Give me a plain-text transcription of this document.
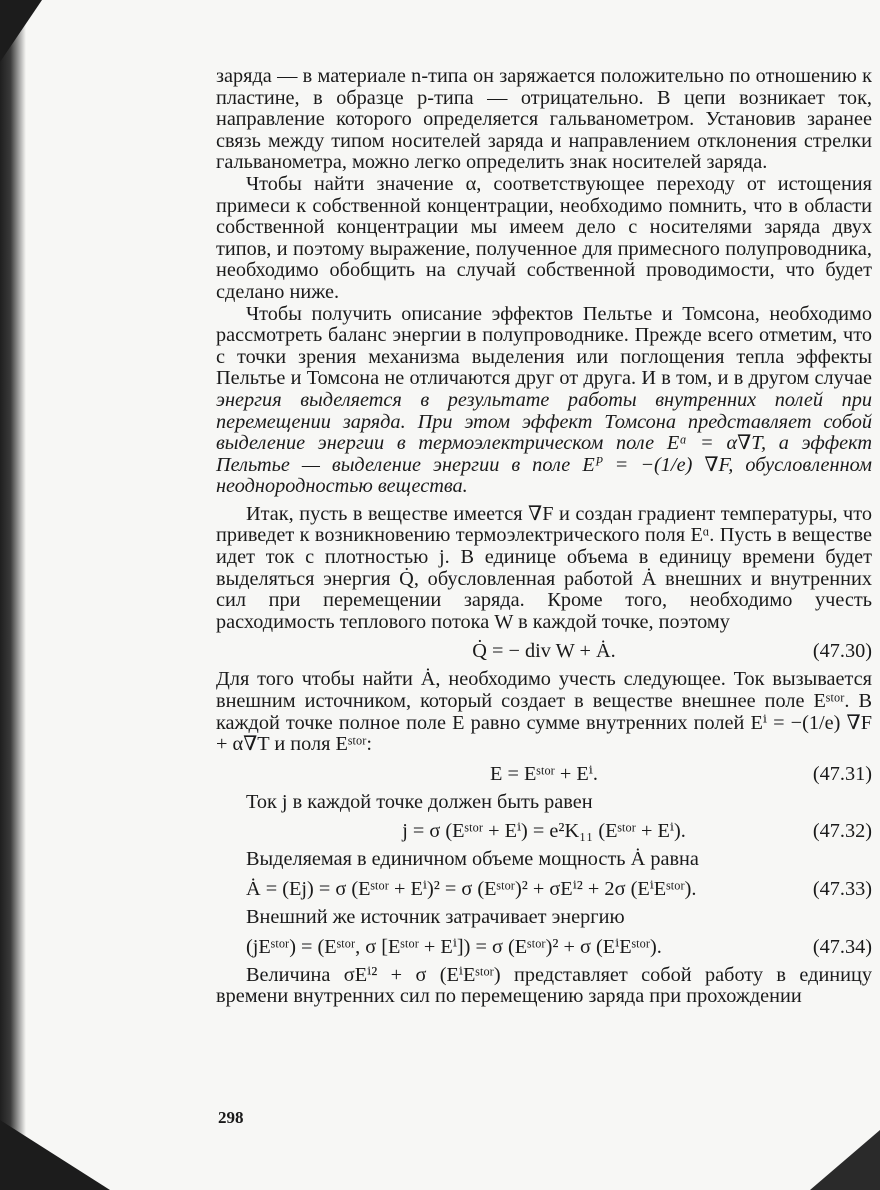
заряда — в материале n-типа он заряжается положительно по отношению к пластине, в образце p-типа — отрицательно. В цепи возникает ток, направление которого определяется гальванометром. Установив заранее связь между типом носителей заряда и направлением отклонения стрелки гальванометра, можно легко определить знак носителей заряда.

Чтобы найти значение α, соответствующее переходу от истощения примеси к собственной концентрации, необходимо помнить, что в области собственной концентрации мы имеем дело с носителями заряда двух типов, и поэтому выражение, полученное для примесного полупроводника, необходимо обобщить на случай собственной проводимости, что будет сделано ниже.

Чтобы получить описание эффектов Пельтье и Томсона, необходимо рассмотреть баланс энергии в полупроводнике. Прежде всего отметим, что с точки зрения механизма выделения или поглощения тепла эффекты Пельтье и Томсона не отличаются друг от друга. И в том, и в другом случае энергия выделяется в результате работы внутренних полей при перемещении заряда. При этом эффект Томсона представляет собой выделение энергии в термоэлектрическом поле Eᵅ = α∇T, а эффект Пельтье — выделение энергии в поле Eᴾ = −(1/e) ∇F, обусловленном неоднородностью вещества.

Итак, пусть в веществе имеется ∇F и создан градиент температуры, что приведет к возникновению термоэлектрического поля Eᵅ. Пусть в веществе идет ток с плотностью j. В единице объема в единицу времени будет выделяться энергия Q̇, обусловленная работой Ȧ внешних и внутренних сил при перемещении заряда. Кроме того, необходимо учесть расходимость теплового потока W в каждой точке, поэтому

Q̇ = − div W + Ȧ.	(47.30)

Для того чтобы найти Ȧ, необходимо учесть следующее. Ток вызывается внешним источником, который создает в веществе внешнее поле Eˢᵗᵒʳ. В каждой точке полное поле E равно сумме внутренних полей Eⁱ = −(1/e) ∇F + α∇T и поля Eˢᵗᵒʳ:

E = Eˢᵗᵒʳ + Eⁱ.	(47.31)

Ток j в каждой точке должен быть равен

j = σ (Eˢᵗᵒʳ + Eⁱ) = e²K₁₁ (Eˢᵗᵒʳ + Eⁱ).	(47.32)

Выделяемая в единичном объеме мощность Ȧ равна

Ȧ = (Ej) = σ (Eˢᵗᵒʳ + Eⁱ)² = σ (Eˢᵗᵒʳ)² + σEⁱ² + 2σ (EⁱEˢᵗᵒʳ).	(47.33)

Внешний же источник затрачивает энергию

(jEˢᵗᵒʳ) = (Eˢᵗᵒʳ, σ [Eˢᵗᵒʳ + Eⁱ]) = σ (Eˢᵗᵒʳ)² + σ (EⁱEˢᵗᵒʳ).	(47.34)

Величина σEⁱ² + σ (EⁱEˢᵗᵒʳ) представляет собой работу в единицу времени внутренних сил по перемещению заряда при прохождении

298
